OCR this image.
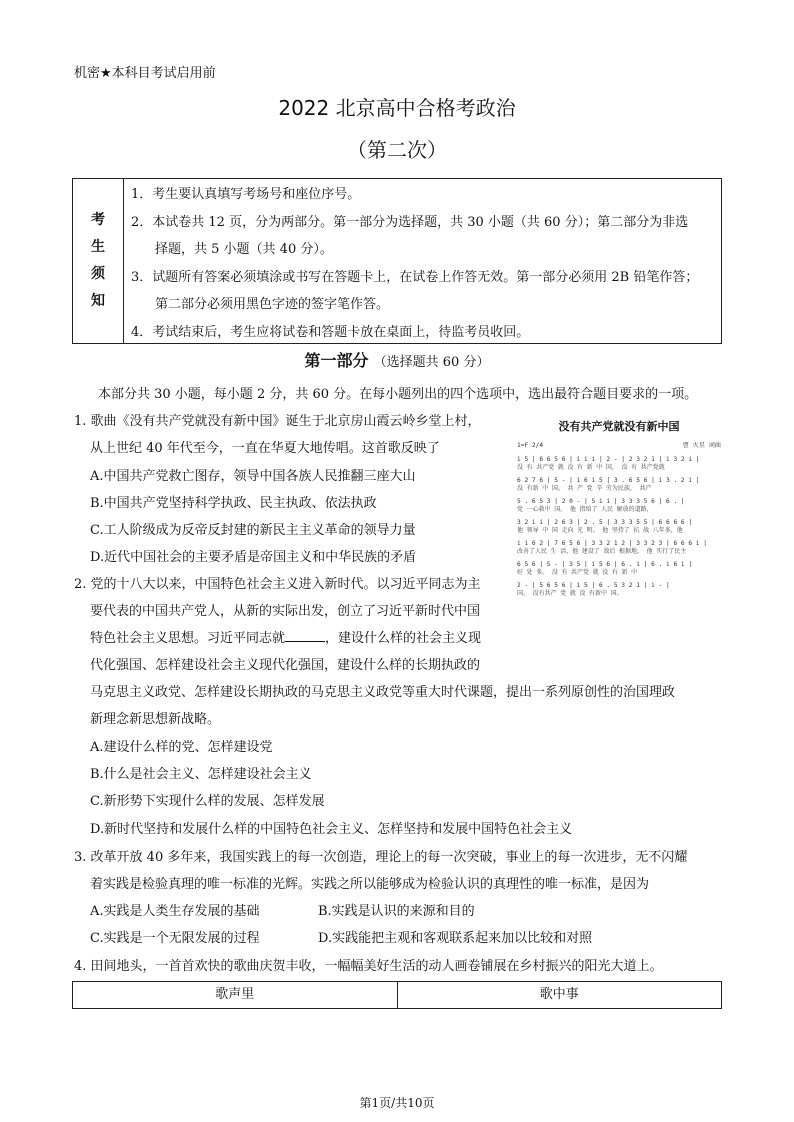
机密★本科目考试启用前
2022 北京高中合格考政治
（第二次）
考
生
须
知
1．考生要认真填写考场号和座位序号。
2．本试卷共 12 页，分为两部分。第一部分为选择题，共 30 小题（共 60 分）；第二部分为非选
择题，共 5 小题（共 40 分）。
3．试题所有答案必须填涂或书写在答题卡上，在试卷上作答无效。第一部分必须用 2B 铅笔作答；
第二部分必须用黑色字迹的签字笔作答。
4．考试结束后，考生应将试卷和答题卡放在桌面上，待监考员收回。
第一部分 （选择题共 60 分）
本部分共 30 小题，每小题 2 分，共 60 分。在每小题列出的四个选项中，选出最符合题目要求的一项。
1. 歌曲《没有共产党就没有新中国》诞生于北京房山霞云岭乡堂上村，
从上世纪 40 年代至今，一直在华夏大地传唱。这首歌反映了
A.中国共产党救亡图存，领导中国各族人民推翻三座大山
B.中国共产党坚持科学执政、民主执政、依法执政
C.工人阶级成为反帝反封建的新民主主义革命的领导力量
D.近代中国社会的主要矛盾是帝国主义和中华民族的矛盾
没有共产党就没有新中国
1=F 2/4	曹 火星 词曲
i 5 | 6 6 5 6 | i i i | 2 - | 2 3 2 1 | i 3 2 i |
没 有 共产党 就 没 有 新 中 国， 没 有 共产党就
6 2 7 6 | 5 - | i 6 i 5 | 3 . 6 5 6 | i 3 . 2 i |
没 有新 中 国。 共 产 党 辛 劳为民族， 共产
5 . 6 5 3 | 2 0 - | 5 i i | 3 3 3 5 6 | 6 . |
党 一心救中 国。 他 指给了 人民 解放的道路，
3 2 i i | 2 6 3 | 2 . 5 | 3 3 3 5 5 | 6 6 6 6 |
他 领导 中 国 走向 光 明。 他 坚持了 抗 战 八年多，他
i i 6 2 | 7 6 5 6 | 3 3 2 1 2 | 3 3 2 3 | 6 6 6 i |
改善了人民 生 活，他 建设了 敌后 根据地， 他 实行了民主
6 5 6 | 5 - | 3 5 | i 5 6 | 6 . i | 6 . i 6 i |
好 处 多。 没 有 共产党 就 没 有 新 中
2 - | 5 6 5 6 | i 5 | 6 . 5 3 2 1 | i - |
国， 没有共产 党 就 没 有新中 国。
2. 党的十八大以来，中国特色社会主义进入新时代。以习近平同志为主
要代表的中国共产党人，从新的实际出发，创立了习近平新时代中国
特色社会主义思想。习近平同志就	，建设什么样的社会主义现
代化强国、怎样建设社会主义现代化强国，建设什么样的长期执政的
马克思主义政党、怎样建设长期执政的马克思主义政党等重大时代课题，提出一系列原创性的治国理政
新理念新思想新战略。
A.建设什么样的党、怎样建设党
B.什么是社会主义、怎样建设社会主义
C.新形势下实现什么样的发展、怎样发展
D.新时代坚持和发展什么样的中国特色社会主义、怎样坚持和发展中国特色社会主义
3. 改革开放 40 多年来，我国实践上的每一次创造，理论上的每一次突破，事业上的每一次进步，无不闪耀
着实践是检验真理的唯一标准的光辉。实践之所以能够成为检验认识的真理性的唯一标准，是因为
A.实践是人类生存发展的基础	B.实践是认识的来源和目的
C.实践是一个无限发展的过程	D.实践能把主观和客观联系起来加以比较和对照
4. 田间地头，一首首欢快的歌曲庆贺丰收，一幅幅美好生活的动人画卷铺展在乡村振兴的阳光大道上。
歌声里	歌中事
第1页/共10页
